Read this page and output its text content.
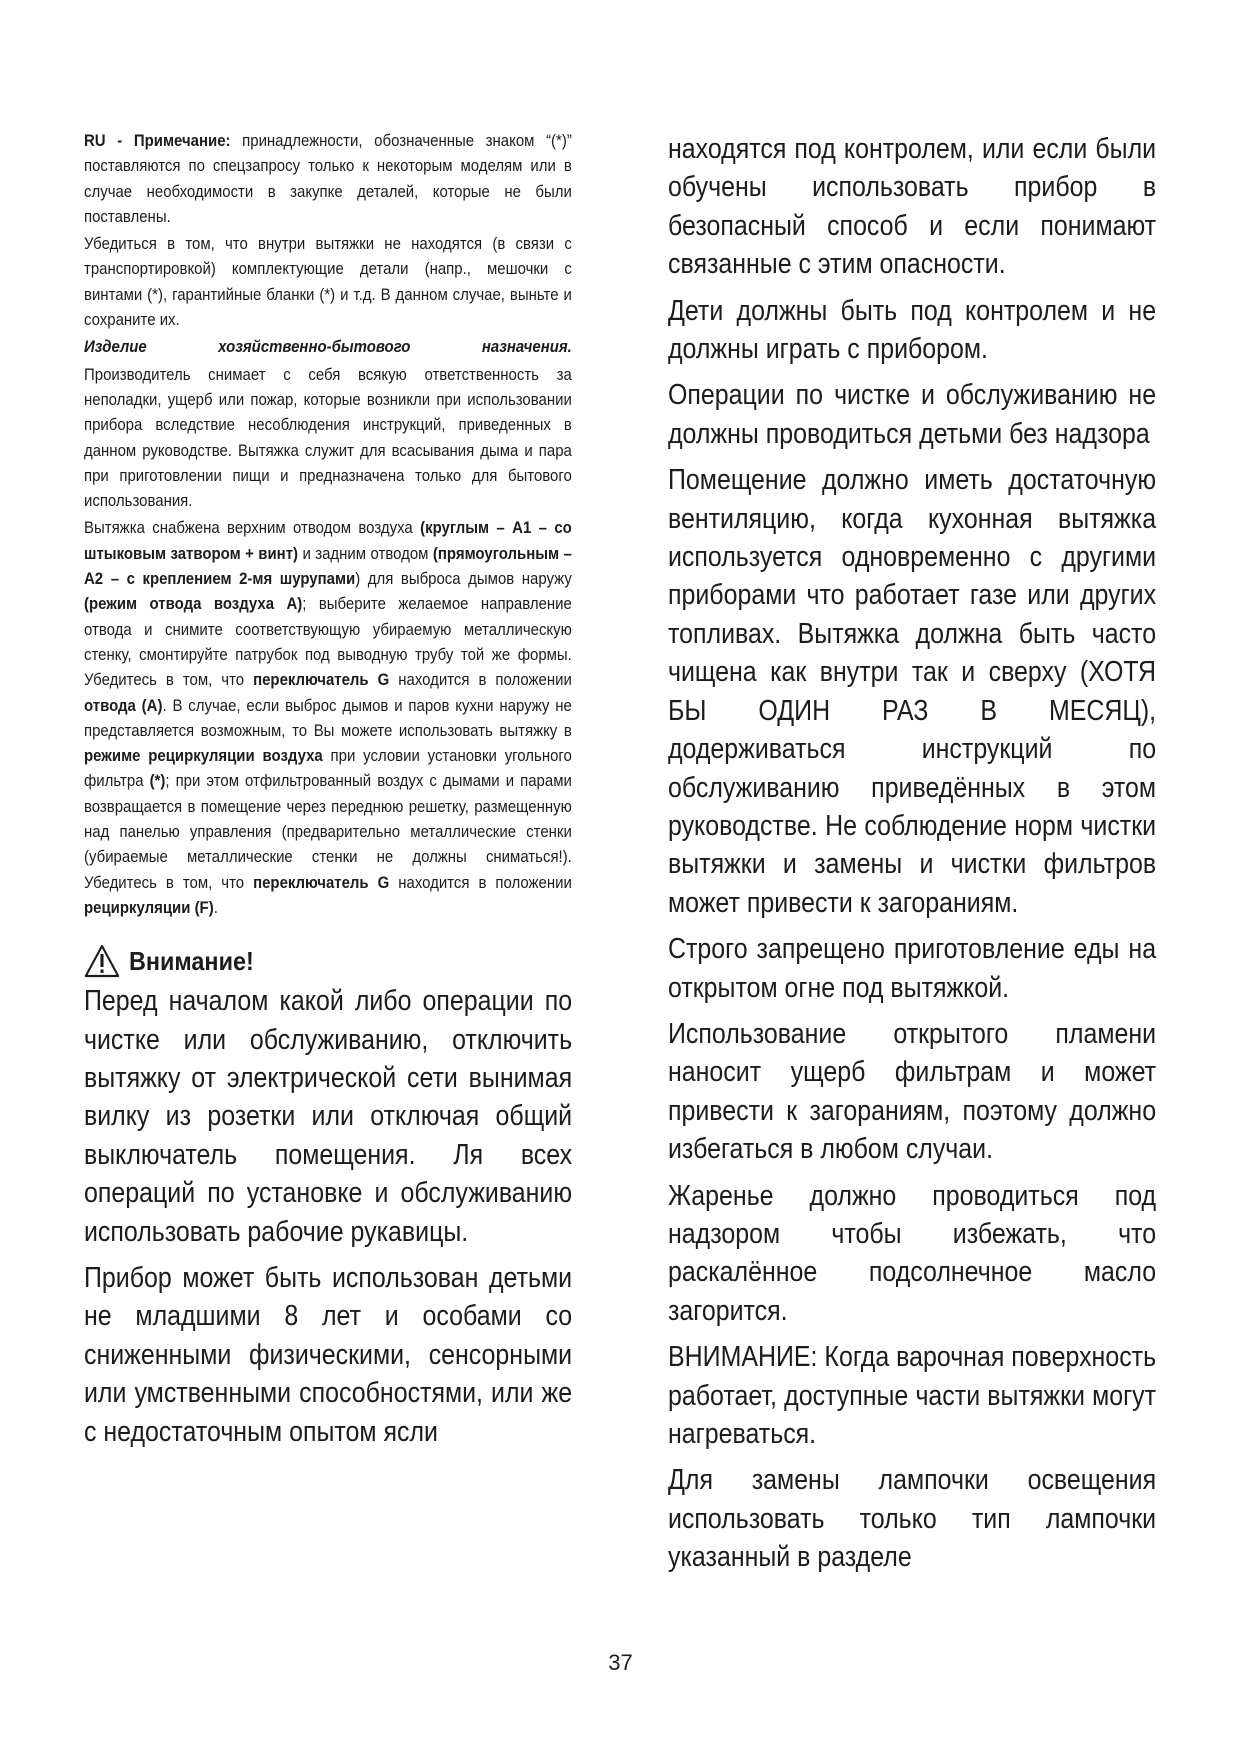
RU - Примечание: принадлежности, обозначенные знаком “(*)” поставляются по спецзапросу только к некоторым моделям или в случае необходимости в закупке деталей, которые не были поставлены.

Убедиться в том, что внутри вытяжки не находятся (в связи с транспортировкой) комплектующие детали (напр., мешочки с винтами (*), гарантийные бланки (*) и т.д. В данном случае, выньте и сохраните их.

Изделие хозяйственно-бытового назначения.

Производитель снимает с себя всякую ответственность за неполадки, ущерб или пожар, которые возникли при использовании прибора вследствие несоблюдения инструкций, приведенных в данном руководстве. Вытяжка служит для всасывания дыма и пара при приготовлении пищи и предназначена только для бытового использования.

Вытяжка снабжена верхним отводом воздуха (круглым – A1 – со штыковым затвором + винт) и задним отводом (прямоугольным – A2 – с креплением 2-мя шурупами) для выброса дымов наружу (режим отвода воздуха A); выберите желаемое направление отвода и снимите соответствующую убираемую металлическую стенку, смонтируйте патрубок под выводную трубу той же формы. Убедитесь в том, что переключатель G находится в положении отвода (A). В случае, если выброс дымов и паров кухни наружу не представляется возможным, то Вы можете использовать вытяжку в режиме рециркуляции воздуха при условии установки угольного фильтра (*); при этом отфильтрованный воздух с дымами и парами возвращается в помещение через переднюю решетку, размещенную над панелью управления (предварительно металлические стенки (убираемые металлические стенки не должны сниматься!). Убедитесь в том, что переключатель G находится в положении рециркуляции (F).

Внимание!

Перед началом какой либо операции по чистке или обслуживанию, отключить вытяжку от электрической сети вынимая вилку из розетки или отключая общий выключатель помещения. Ля всех операций по установке и обслуживанию использовать рабочие рукавицы.

Прибор может быть использован детьми не младшими 8 лет и особами со сниженными физическими, сенсорными или умственными способностями, или же с недостаточным опытом ясли

находятся под контролем, или если были обучены использовать прибор в безопасный способ и если понимают связанные с этим опасности.

Дети должны быть под контролем и не должны играть с прибором.

Операции по чистке и обслуживанию не должны проводиться детьми без надзора

Помещение должно иметь достаточную вентиляцию, когда кухонная вытяжка используется одновременно с другими приборами что работает газе или других топливах. Вытяжка должна быть часто чищена как внутри так и сверху (ХОТЯ БЫ ОДИН РАЗ В МЕСЯЦ), додерживаться инструкций по обслуживанию приведённых в этом руководстве. Не соблюдение норм чистки вытяжки и замены и чистки фильтров может привести к загораниям.

Строго запрещено приготовление еды на открытом огне под вытяжкой.

Использование открытого пламени наносит ущерб фильтрам и может привести к загораниям, поэтому должно избегаться в любом случаи.

Жаренье должно проводиться под надзором чтобы избежать, что раскалённое подсолнечное масло загорится.

ВНИМАНИЕ: Когда варочная поверхность работает, доступные части вытяжки могут нагреваться.

Для замены лампочки освещения использовать только тип лампочки указанный в разделе

37
